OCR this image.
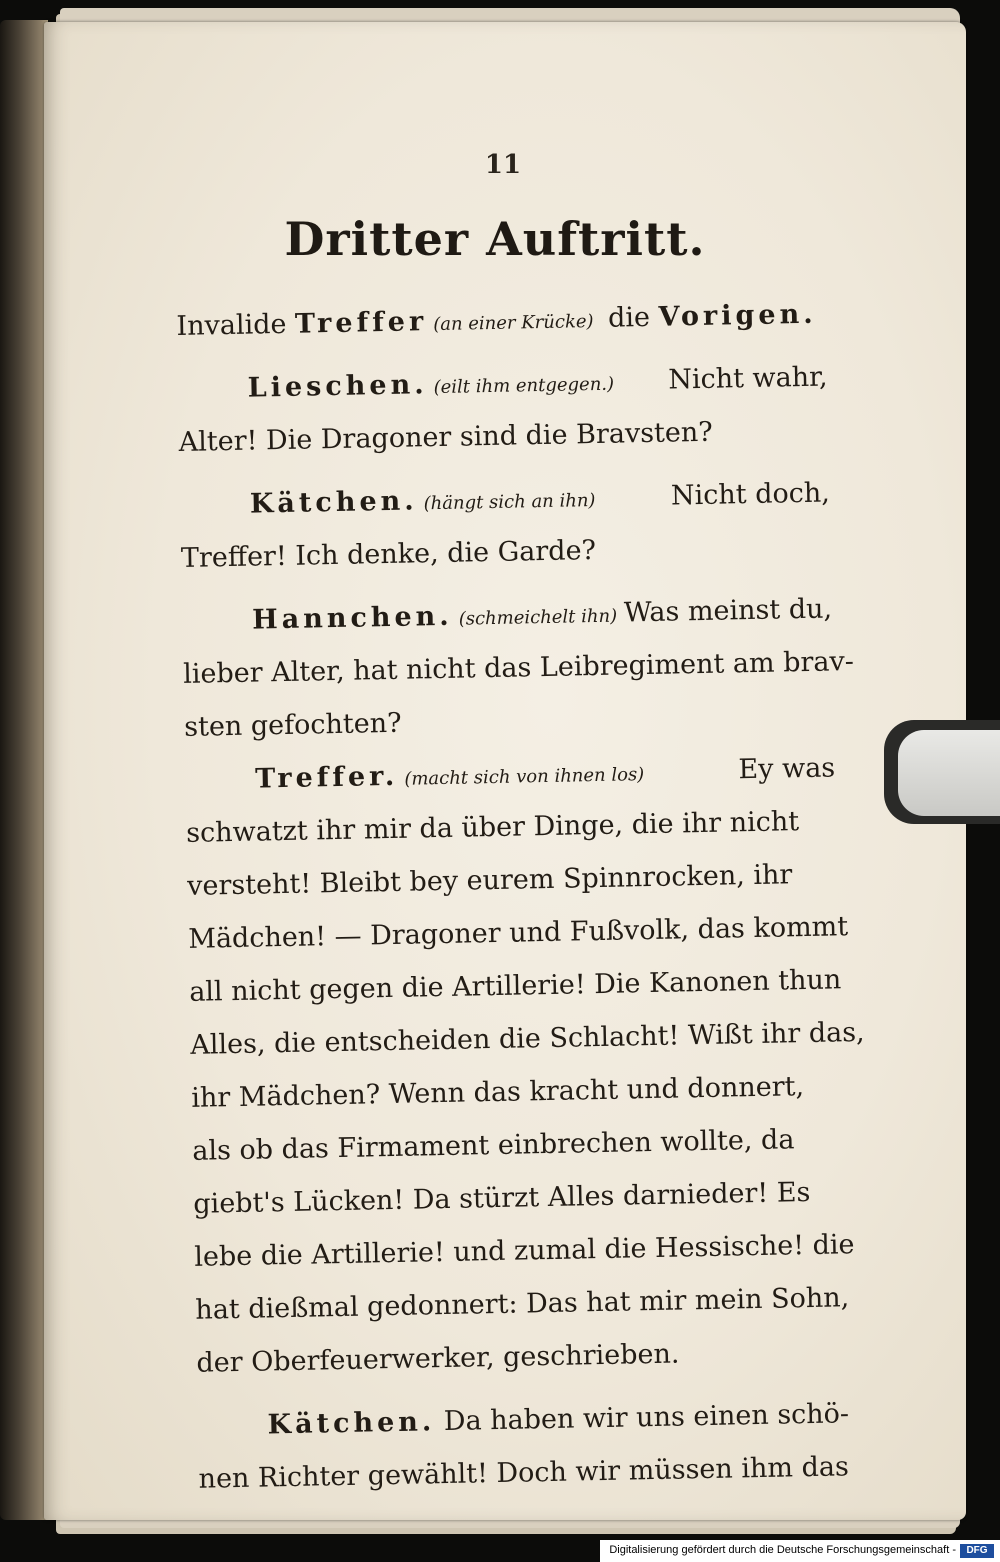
11
Dritter Auftritt.
Invalide Treffer (an einer Krücke) die Vorigen.
Lieschen. (eilt ihm entgegen.) Nicht wahr,
Alter! Die Dragoner sind die Bravsten?
Kätchen. (hängt sich an ihn)	Nicht doch,
Treffer! Ich denke, die Garde?
Hannchen. (schmeichelt ihn) Was meinst du,
lieber Alter, hat nicht das Leibregiment am brav-
sten gefochten?
Treffer. (macht sich von ihnen los)	Ey was
schwatzt ihr mir da über Dinge, die ihr nicht
versteht! Bleibt bey eurem Spinnrocken, ihr
Mädchen! — Dragoner und Fußvolk, das kommt
all nicht gegen die Artillerie! Die Kanonen thun
Alles, die entscheiden die Schlacht! Wißt ihr das,
ihr Mädchen? Wenn das kracht und donnert,
als ob das Firmament einbrechen wollte, da
giebt's Lücken! Da stürzt Alles darnieder! Es
lebe die Artillerie! und zumal die Hessische! die
hat dießmal gedonnert: Das hat mir mein Sohn,
der Oberfeuerwerker, geschrieben.
Kätchen. Da haben wir uns einen schö-
nen Richter gewählt! Doch wir müssen ihm das
Digitalisierung gefördert durch die Deutsche Forschungsgemeinschaft -	DFG
